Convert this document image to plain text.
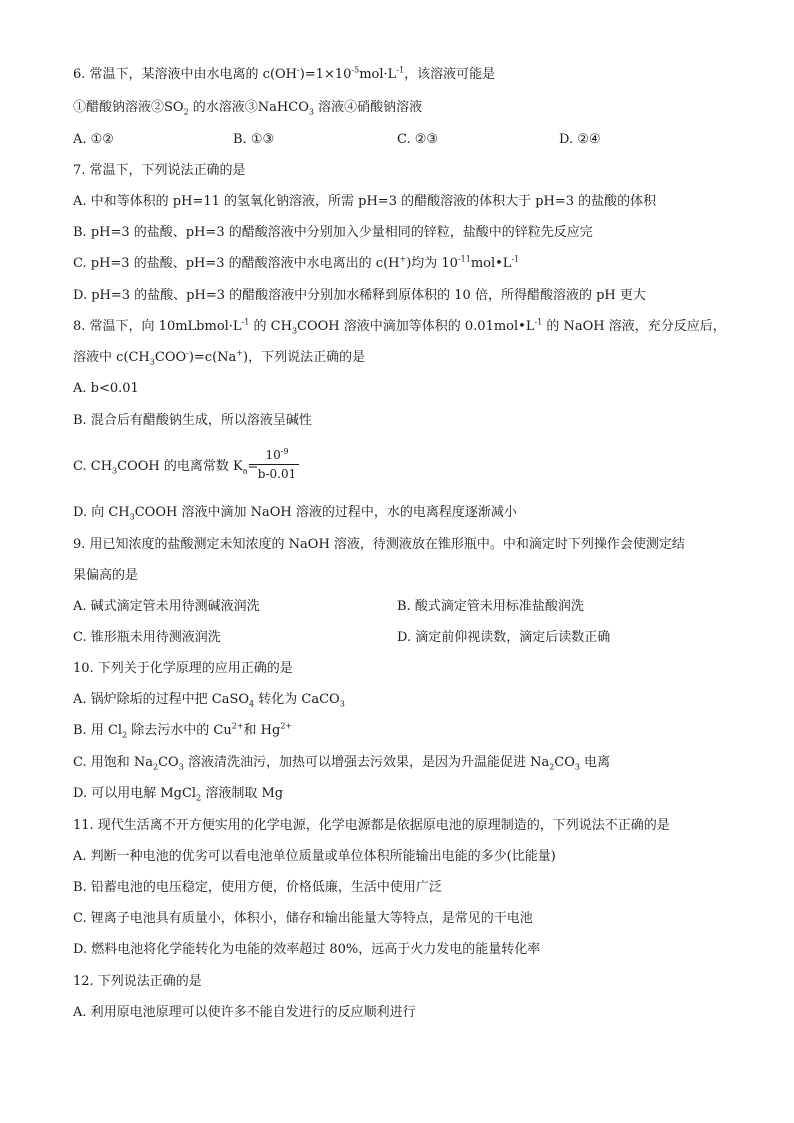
6. 常温下，某溶液中由水电离的 $c(OH^-)=1\times 10^{-5}mol\cdot L^{-1}$，该溶液可能是
①醋酸钠溶液$②SO_2$ 的水溶液③NaHCO$_3$ 溶液④硝酸钠溶液
A. ①②	B. ①③	C. ②③	D. ②④
7. 常温下，下列说法正确的是
A. 中和等体积的 pH=11 的氢氧化钠溶液，所需 pH=3 的醋酸溶液的体积大于 pH=3 的盐酸的体积
B. pH=3 的盐酸、pH=3 的醋酸溶液中分别加入少量相同的锌粒，盐酸中的锌粒先反应完
C. pH=3 的盐酸、pH=3 的醋酸溶液中水电离出的 c(H+)均为 $10^{-11}mol•L^{-1}$
D. pH=3 的盐酸、pH=3 的醋酸溶液中分别加水稀释到原体积的 10 倍，所得醋酸溶液的 pH 更大
8. 常温下，向 $10mLbmol\cdot L^{-1}$ 的 $CH_3COOH$ 溶液中滴加等体积的 $0.01mol•L^{-1}$ 的 NaOH 溶液，充分反应后，
溶液中 $c(CH_3COO^-)=c(Na^+)$，下列说法正确的是
A. b<0.01
B. 混合后有醋酸钠生成，所以溶液呈碱性
C. $CH_3COOH$ 的电离常数 $K_a=$
$10^{-9}$
b-0.01
D. 向 $CH_3COOH$ 溶液中滴加 NaOH 溶液的过程中，水的电离程度逐渐减小
9. 用已知浓度的盐酸测定未知浓度的 NaOH 溶液，待测液放在锥形瓶中。中和滴定时下列操作会使测定结
果偏高的是
A. 碱式滴定管未用待测碱液润洗	B. 酸式滴定管未用标准盐酸润洗
C. 锥形瓶未用待测液润洗	D. 滴定前仰视读数，滴定后读数正确
10. 下列关于化学原理的应用正确的是
A. 锅炉除垢的过程中把 CaSO$_4$ 转化为 CaCO$_3$
B. 用 $Cl_2$ 除去污水中的 $Cu^{2+}$和 $Hg^{2+}$
C. 用饱和 $Na_2CO_3$ 溶液清洗油污，加热可以增强去污效果，是因为升温能促进 $Na_2CO_3$ 电离
D. 可以用电解 MgCl$_2$ 溶液制取 Mg
11. 现代生活离不开方便实用的化学电源，化学电源都是依据原电池的原理制造的，下列说法不正确的是
A. 判断一种电池的优劣可以看电池单位质量或单位体积所能输出电能的多少(比能量)
B. 铅蓄电池的电压稳定，使用方便，价格低廉，生活中使用广泛
C. 锂离子电池具有质量小，体积小，储存和输出能量大等特点，是常见的干电池
D. 燃料电池将化学能转化为电能的效率超过 80%，远高于火力发电的能量转化率
12. 下列说法正确的是
A. 利用原电池原理可以使许多不能自发进行的反应顺利进行
